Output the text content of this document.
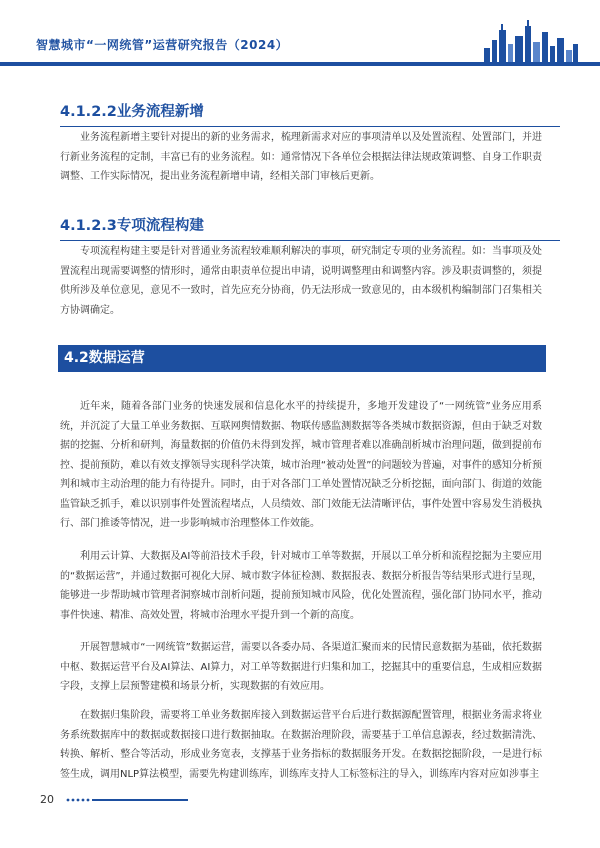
智慧城市“一网统管”运营研究报告（2024）
4.1.2.2业务流程新增

业务流程新增主要针对提出的新的业务需求，梳理新需求对应的事项清单以及处置流程、处置部门，并进行新业务流程的定制，丰富已有的业务流程。如：通常情况下各单位会根据法律法规政策调整、自身工作职责调整、工作实际情况，提出业务流程新增申请，经相关部门审核后更新。

4.1.2.3专项流程构建

专项流程构建主要是针对普通业务流程较难顺利解决的事项，研究制定专项的业务流程。如：当事项及处置流程出现需要调整的情形时，通常由职责单位提出申请，说明调整理由和调整内容。涉及职责调整的，须提供所涉及单位意见，意见不一致时，首先应充分协商，仍无法形成一致意见的，由本级机构编制部门召集相关方协调确定。

4.2数据运营

近年来，随着各部门业务的快速发展和信息化水平的持续提升，多地开发建设了“一网统管”业务应用系统，并沉淀了大量工单业务数据、互联网舆情数据、物联传感监测数据等各类城市数据资源，但由于缺乏对数据的挖掘、分析和研判，海量数据的价值仍未得到发挥，城市管理者难以准确剖析城市治理问题，做到提前布控、提前预防，难以有效支撑领导实现科学决策，城市治理“被动处置”的问题较为普遍，对事件的感知分析预判和城市主动治理的能力有待提升。同时，由于对各部门工单处置情况缺乏分析挖掘，面向部门、街道的效能监管缺乏抓手，难以识别事件处置流程堵点，人员绩效、部门效能无法清晰评估，事件处置中容易发生消极执行、部门推诿等情况，进一步影响城市治理整体工作效能。

利用云计算、大数据及AI等前沿技术手段，针对城市工单等数据，开展以工单分析和流程挖掘为主要应用的“数据运营”，并通过数据可视化大屏、城市数字体征检测、数据报表、数据分析报告等结果形式进行呈现，能够进一步帮助城市管理者洞察城市剖析问题，提前预知城市风险，优化处置流程，强化部门协同水平，推动事件快速、精准、高效处置，将城市治理水平提升到一个新的高度。

开展智慧城市“一网统管”数据运营，需要以各委办局、各渠道汇聚而来的民情民意数据为基础，依托数据中枢、数据运营平台及AI算法、AI算力，对工单等数据进行归集和加工，挖掘其中的重要信息，生成相应数据字段，支撑上层预警建模和场景分析，实现数据的有效应用。

在数据归集阶段，需要将工单业务数据库接入到数据运营平台后进行数据源配置管理，根据业务需求将业务系统数据库中的数据或数据接口进行数据抽取。在数据治理阶段，需要基于工单信息源表，经过数据清洗、转换、解析、整合等活动，形成业务宽表，支撑基于业务指标的数据服务开发。在数据挖掘阶段，一是进行标签生成，调用NLP算法模型，需要先构建训练库，训练库支持人工标签标注的导入，训练库内容对应如涉事主

20
